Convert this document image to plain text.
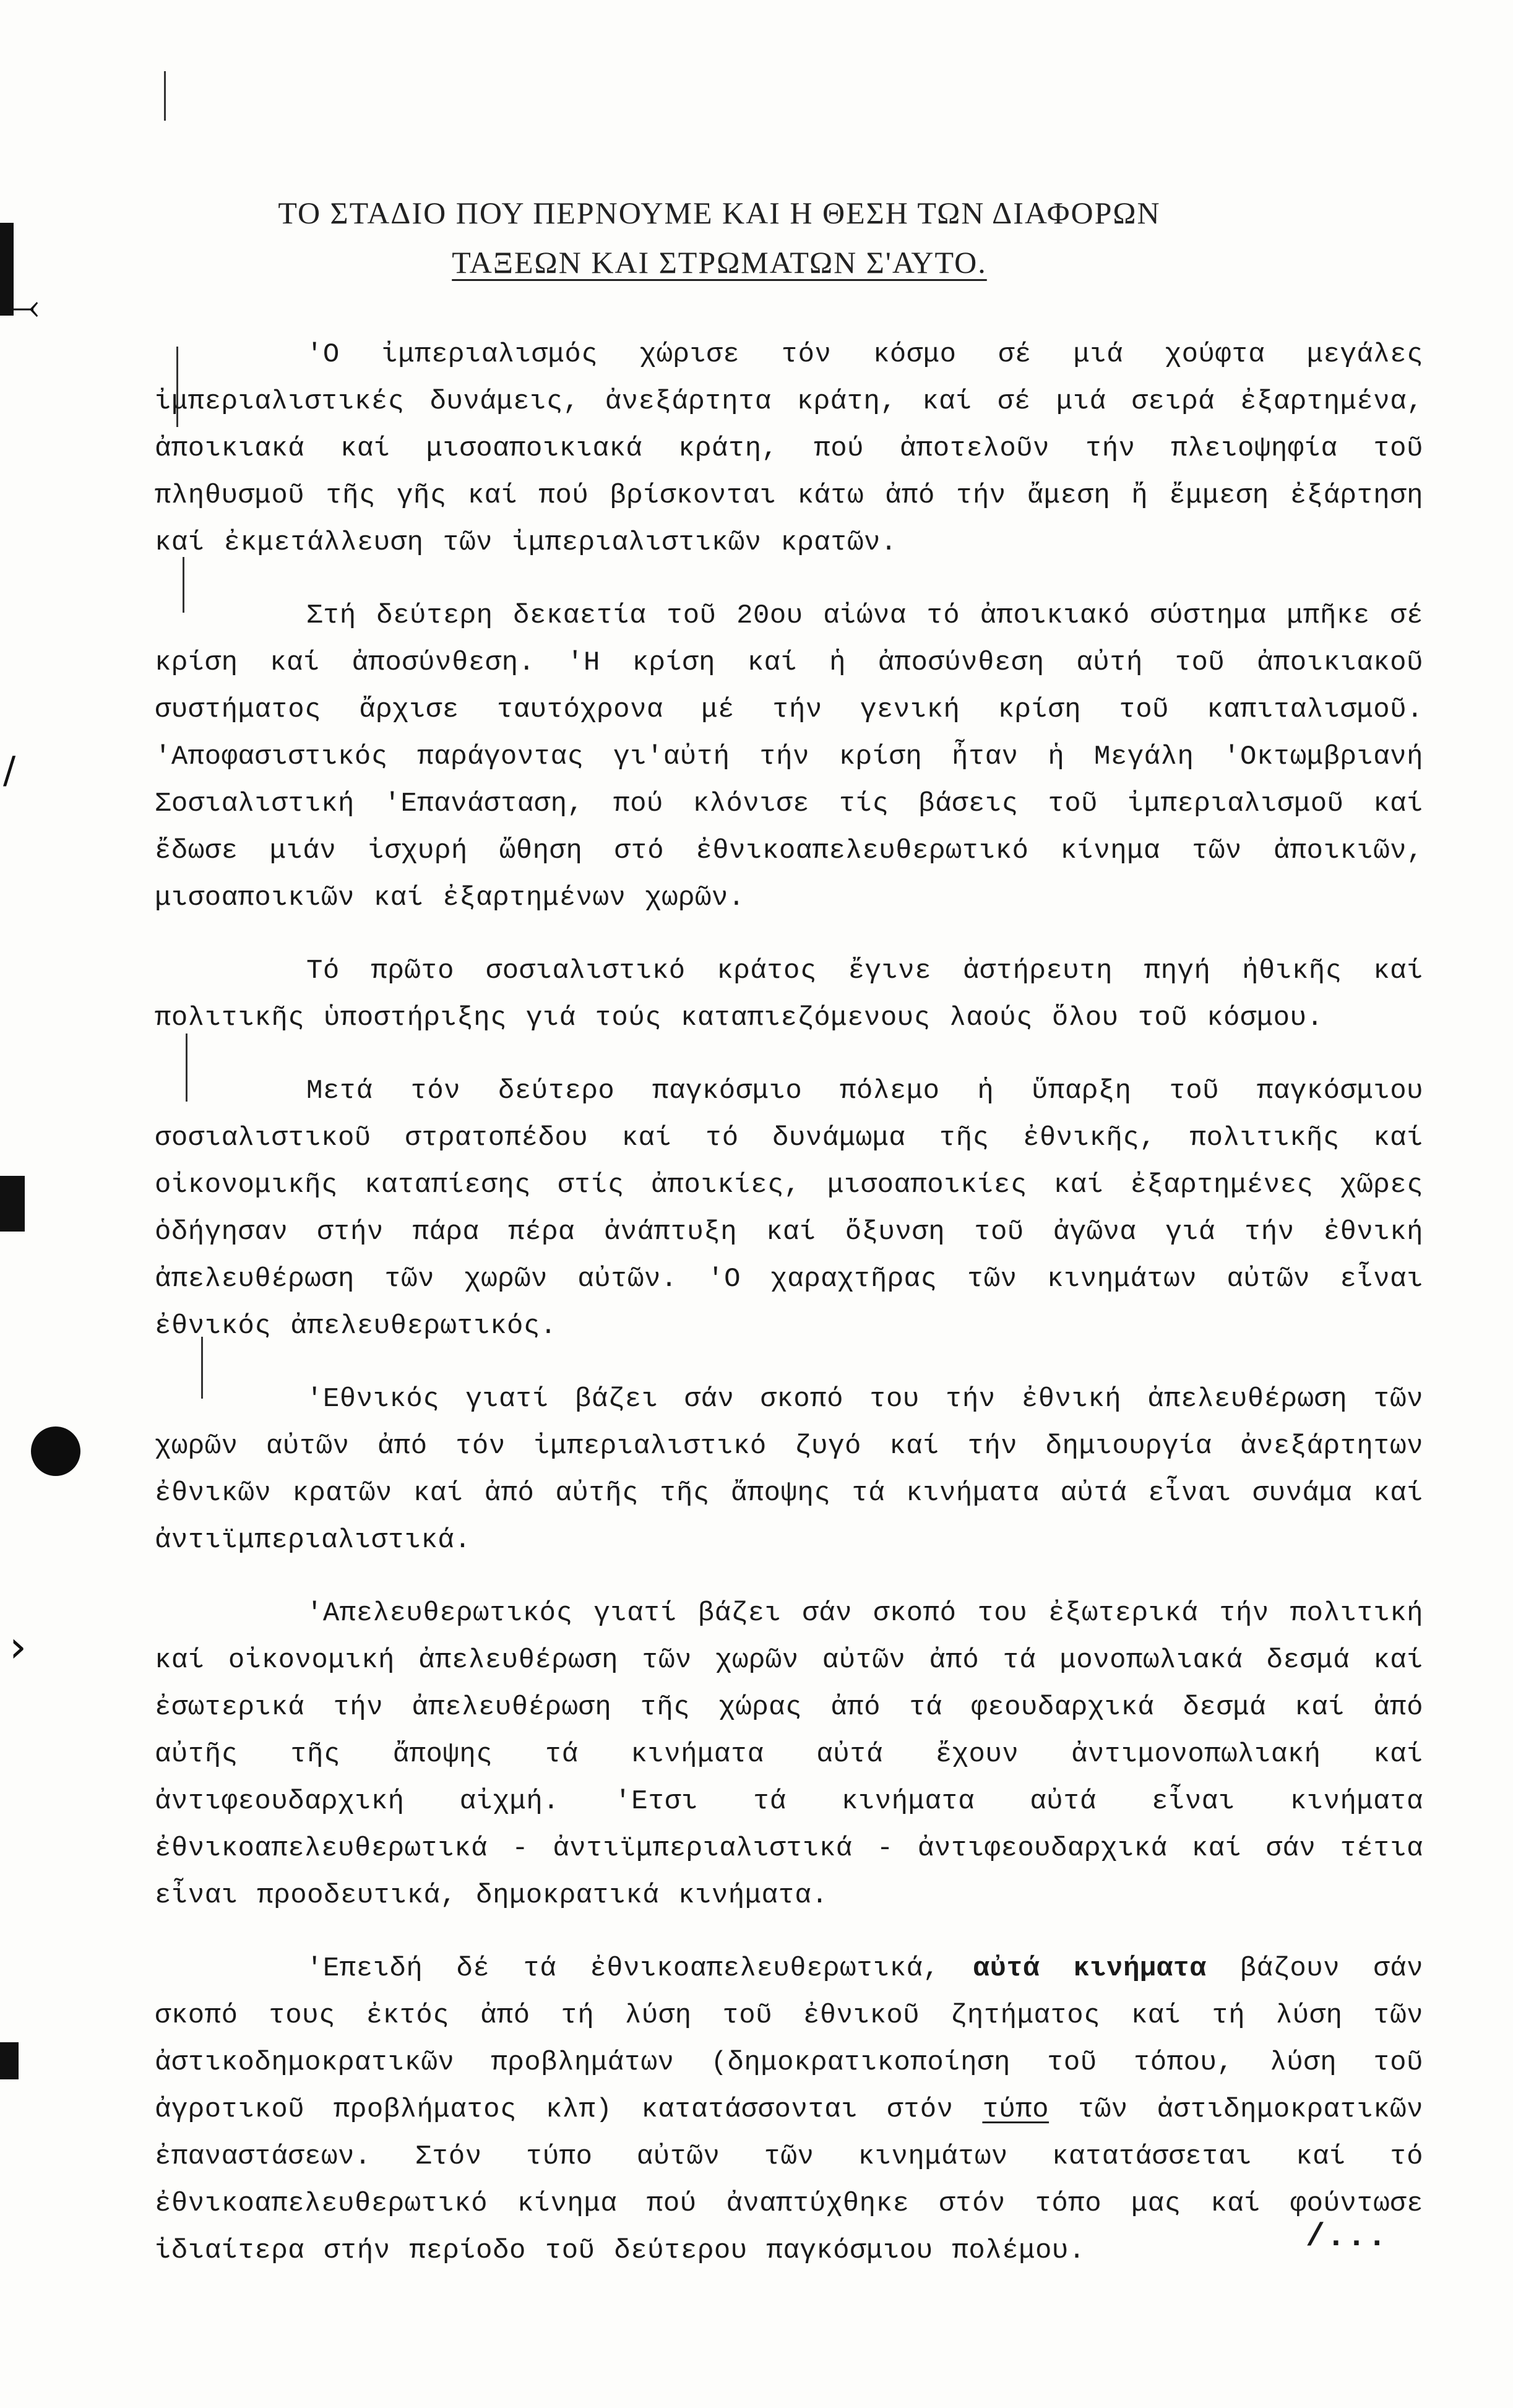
⤙
›
/
ΤΟ ΣΤΑΔΙΟ ΠΟΥ ΠΕΡΝΟΥΜΕ ΚΑΙ Η ΘΕΣΗ ΤΩΝ ΔΙΑΦΟΡΩΝ
ΤΑΞΕΩΝ ΚΑΙ ΣΤΡΩΜΑΤΩΝ Σ'ΑΥΤΟ.

'Ο ἰμπεριαλισμός χώρισε τόν κόσμο σέ μιά χούφτα μεγάλες ἰμπεριαλιστικές δυνάμεις, ἀνεξάρτητα κράτη, καί σέ μιά σειρά ἐξαρτημένα, ἀποικιακά καί μισοαποικιακά κράτη, πού ἀποτελοῦν τήν πλειοψηφία τοῦ πληθυσμοῦ τῆς γῆς καί πού βρίσκονται κάτω ἀπό τήν ἄμεση ἤ ἔμμεση ἐξάρτηση καί ἐκμετάλλευση τῶν ἰμπεριαλιστικῶν κρατῶν.

Στή δεύτερη δεκαετία τοῦ 20ου αἰώνα τό ἀποικιακό σύστημα μπῆκε σέ κρίση καί ἀποσύνθεση. 'Η κρίση καί ἡ ἀποσύνθεση αὐτή τοῦ ἀποικιακοῦ συστήματος ἄρχισε ταυτόχρονα μέ τήν γενική κρίση τοῦ καπιταλισμοῦ. 'Αποφασιστικός παράγοντας γι'αὐτή τήν κρίση ἦταν ἡ Μεγάλη 'Οκτωμβριανή Σοσιαλιστική 'Επανάσταση, πού κλόνισε τίς βάσεις τοῦ ἰμπεριαλισμοῦ καί ἔδωσε μιάν ἰσχυρή ὤθηση στό ἐθνικοαπελευθερωτικό κίνημα τῶν ἀποικιῶν, μισοαποικιῶν καί ἐξαρτημένων χωρῶν.

Τό πρῶτο σοσιαλιστικό κράτος ἔγινε ἀστήρευτη πηγή ἠθικῆς καί πολιτικῆς ὑποστήριξης γιά τούς καταπιεζόμενους λαούς ὅλου τοῦ κόσμου.

Μετά τόν δεύτερο παγκόσμιο πόλεμο ἡ ὕπαρξη τοῦ παγκόσμιου σοσιαλιστικοῦ στρατοπέδου καί τό δυνάμωμα τῆς ἐθνικῆς, πολιτικῆς καί οἰκονομικῆς καταπίεσης στίς ἀποικίες, μισοαποικίες καί ἐξαρτημένες χῶρες ὁδήγησαν στήν πάρα πέρα ἀνάπτυξη καί ὄξυνση τοῦ ἀγῶνα γιά τήν ἐθνική ἀπελευθέρωση τῶν χωρῶν αὐτῶν. 'Ο χαραχτῆρας τῶν κινημάτων αὐτῶν εἶναι ἐθνικός ἀπελευθερωτικός.

'Εθνικός γιατί βάζει σάν σκοπό του τήν ἐθνική ἀπελευθέρωση τῶν χωρῶν αὐτῶν ἀπό τόν ἰμπεριαλιστικό ζυγό καί τήν δημιουργία ἀνεξάρτητων ἐθνικῶν κρατῶν καί ἀπό αὐτῆς τῆς ἄποψης τά κινήματα αὐτά εἶναι συνάμα καί ἀντιϊμπεριαλιστικά.

'Απελευθερωτικός γιατί βάζει σάν σκοπό του ἐξωτερικά τήν πολιτική καί οἰκονομική ἀπελευθέρωση τῶν χωρῶν αὐτῶν ἀπό τά μονοπωλιακά δεσμά καί ἐσωτερικά τήν ἀπελευθέρωση τῆς χώρας ἀπό τά φεουδαρχικά δεσμά καί ἀπό αὐτῆς τῆς ἄποψης τά κινήματα αὐτά ἔχουν ἀντιμονοπωλιακή καί ἀντιφεουδαρχική αἰχμή. 'Ετσι τά κινήματα αὐτά εἶναι κινήματα ἐθνικοαπελευθερωτικά - ἀντιϊμπεριαλιστικά - ἀντιφεουδαρχικά καί σάν τέτια εἶναι προοδευτικά, δημοκρατικά κινήματα.

'Επειδή δέ τά ἐθνικοαπελευθερωτικά, αὐτά κινήματα βάζουν σάν σκοπό τους ἐκτός ἀπό τή λύση τοῦ ἐθνικοῦ ζητήματος καί τή λύση τῶν ἀστικοδημοκρατικῶν προβλημάτων (δημοκρατικοποίηση τοῦ τόπου, λύση τοῦ ἀγροτικοῦ προβλήματος κλπ) κατατάσσονται στόν τύπο τῶν ἀστιδημοκρατικῶν ἐπαναστάσεων. Στόν τύπο αὐτῶν τῶν κινημάτων κατατάσσεται καί τό ἐθνικοαπελευθερωτικό κίνημα πού ἀναπτύχθηκε στόν τόπο μας καί φούντωσε ἰδιαίτερα στήν περίοδο τοῦ δεύτερου παγκόσμιου πολέμου.	/...
